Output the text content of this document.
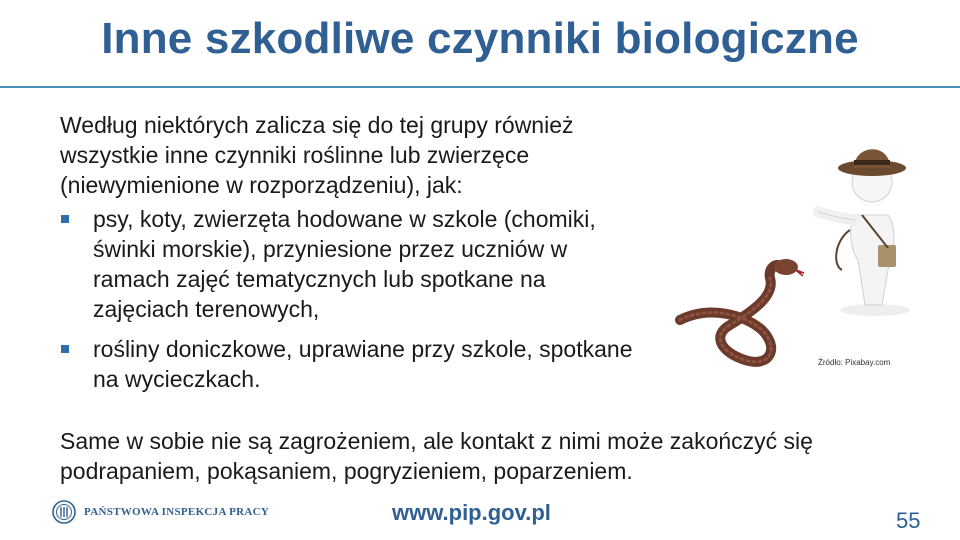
Inne szkodliwe czynniki biologiczne

Według niektórych zalicza się do tej grupy również wszystkie inne czynniki roślinne lub zwierzęce (niewymienione w rozporządzeniu), jak:

psy, koty, zwierzęta hodowane w szkole (chomiki, świnki morskie), przyniesione przez uczniów w ramach zajęć tematycznych lub spotkane na zajęciach terenowych,
rośliny doniczkowe, uprawiane przy szkole, spotkane na wycieczkach.

Same w sobie nie są zagrożeniem, ale kontakt z nimi może zakończyć się podrapaniem, pokąsaniem, pogryzieniem, poparzeniem.

Źródło: Pixabay.com
PAŃSTWOWA INSPEKCJA PRACY	www.pip.gov.pl	55
